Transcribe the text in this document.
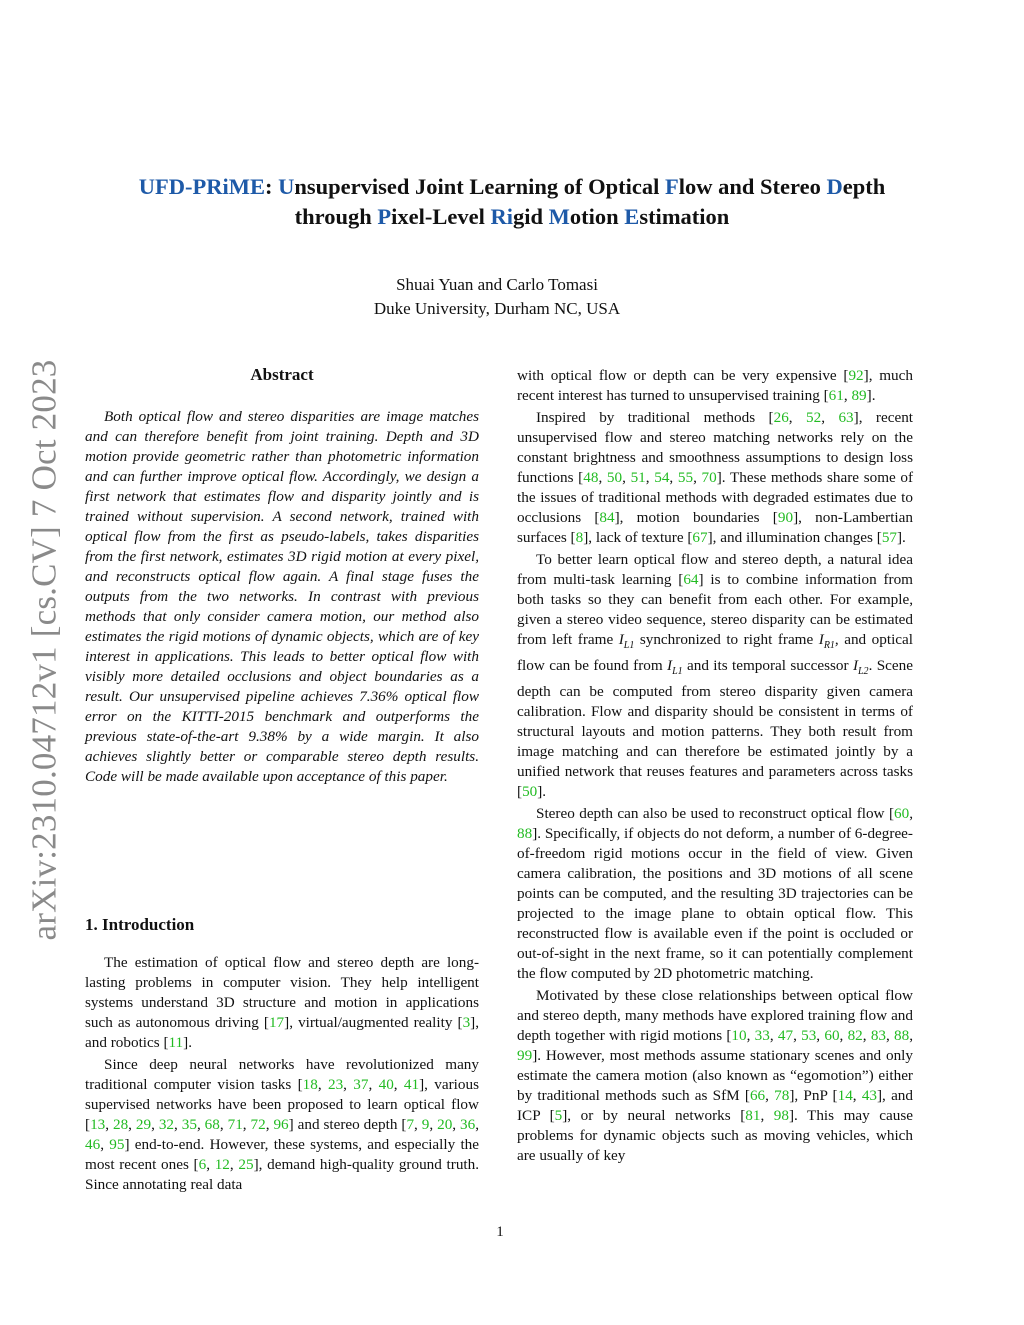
arXiv:2310.04712v1 [cs.CV] 7 Oct 2023
UFD-PRiME: Unsupervised Joint Learning of Optical Flow and Stereo Depth
through Pixel-Level Rigid Motion Estimation
Shuai Yuan and Carlo Tomasi
Duke University, Durham NC, USA
Abstract

Both optical flow and stereo disparities are image matches and can therefore benefit from joint training. Depth and 3D motion provide geometric rather than photometric information and can further improve optical flow. Accordingly, we design a first network that estimates flow and disparity jointly and is trained without supervision. A second network, trained with optical flow from the first as pseudo-labels, takes disparities from the first network, estimates 3D rigid motion at every pixel, and reconstructs optical flow again. A final stage fuses the outputs from the two networks. In contrast with previous methods that only consider camera motion, our method also estimates the rigid motions of dynamic objects, which are of key interest in applications. This leads to better optical flow with visibly more detailed occlusions and object boundaries as a result. Our unsupervised pipeline achieves 7.36% optical flow error on the KITTI-2015 benchmark and outperforms the previous state-of-the-art 9.38% by a wide margin. It also achieves slightly better or comparable stereo depth results. Code will be made available upon acceptance of this paper.

1. Introduction

The estimation of optical flow and stereo depth are long-lasting problems in computer vision. They help intelligent systems understand 3D structure and motion in applications such as autonomous driving [17], virtual/augmented reality [3], and robotics [11].

Since deep neural networks have revolutionized many traditional computer vision tasks [18, 23, 37, 40, 41], various supervised networks have been proposed to learn optical flow [13, 28, 29, 32, 35, 68, 71, 72, 96] and stereo depth [7, 9, 20, 36, 46, 95] end-to-end. However, these systems, and especially the most recent ones [6, 12, 25], demand high-quality ground truth. Since annotating real data

with optical flow or depth can be very expensive [92], much recent interest has turned to unsupervised training [61, 89].

Inspired by traditional methods [26, 52, 63], recent unsupervised flow and stereo matching networks rely on the constant brightness and smoothness assumptions to design loss functions [48, 50, 51, 54, 55, 70]. These methods share some of the issues of traditional methods with degraded estimates due to occlusions [84], motion boundaries [90], non-Lambertian surfaces [8], lack of texture [67], and illumination changes [57].

To better learn optical flow and stereo depth, a natural idea from multi-task learning [64] is to combine information from both tasks so they can benefit from each other. For example, given a stereo video sequence, stereo disparity can be estimated from left frame $I_{L1}$ synchronized to right frame $I_{R1}$, and optical flow can be found from $I_{L1}$ and its temporal successor $I_{L2}$. Scene depth can be computed from stereo disparity given camera calibration. Flow and disparity should be consistent in terms of structural layouts and motion patterns. They both result from image matching and can therefore be estimated jointly by a unified network that reuses features and parameters across tasks [50].

Stereo depth can also be used to reconstruct optical flow [60, 88]. Specifically, if objects do not deform, a number of 6-degree-of-freedom rigid motions occur in the field of view. Given camera calibration, the positions and 3D motions of all scene points can be computed, and the resulting 3D trajectories can be projected to the image plane to obtain optical flow. This reconstructed flow is available even if the point is occluded or out-of-sight in the next frame, so it can potentially complement the flow computed by 2D photometric matching.

Motivated by these close relationships between optical flow and stereo depth, many methods have explored training flow and depth together with rigid motions [10, 33, 47, 53, 60, 82, 83, 88, 99]. However, most methods assume stationary scenes and only estimate the camera motion (also known as “egomotion”) either by traditional methods such as SfM [66, 78], PnP [14, 43], and ICP [5], or by neural networks [81, 98]. This may cause problems for dynamic objects such as moving vehicles, which are usually of key

1
